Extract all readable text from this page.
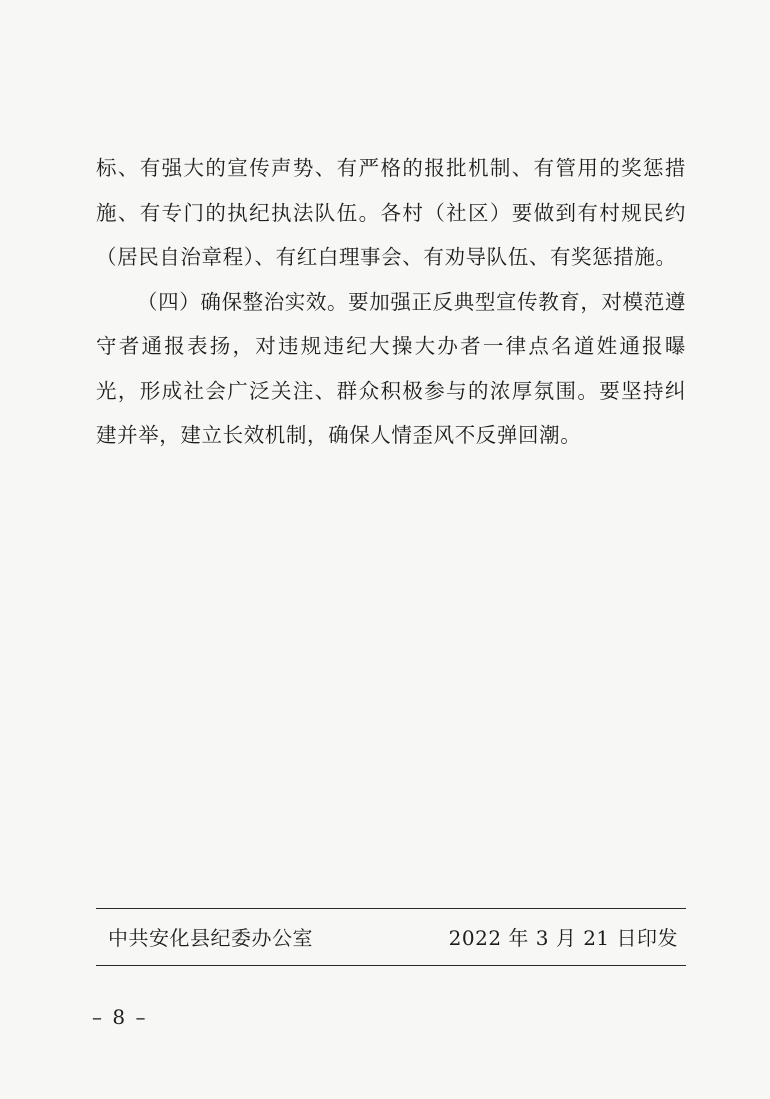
标、有强大的宣传声势、有严格的报批机制、有管用的奖惩措施、有专门的执纪执法队伍。各村（社区）要做到有村规民约（居民自治章程）、有红白理事会、有劝导队伍、有奖惩措施。

（四）确保整治实效。要加强正反典型宣传教育，对模范遵守者通报表扬，对违规违纪大操大办者一律点名道姓通报曝光，形成社会广泛关注、群众积极参与的浓厚氛围。要坚持纠建并举，建立长效机制，确保人情歪风不反弹回潮。

中共安化县纪委办公室	2022 年 3 月 21 日印发
– 8 –
